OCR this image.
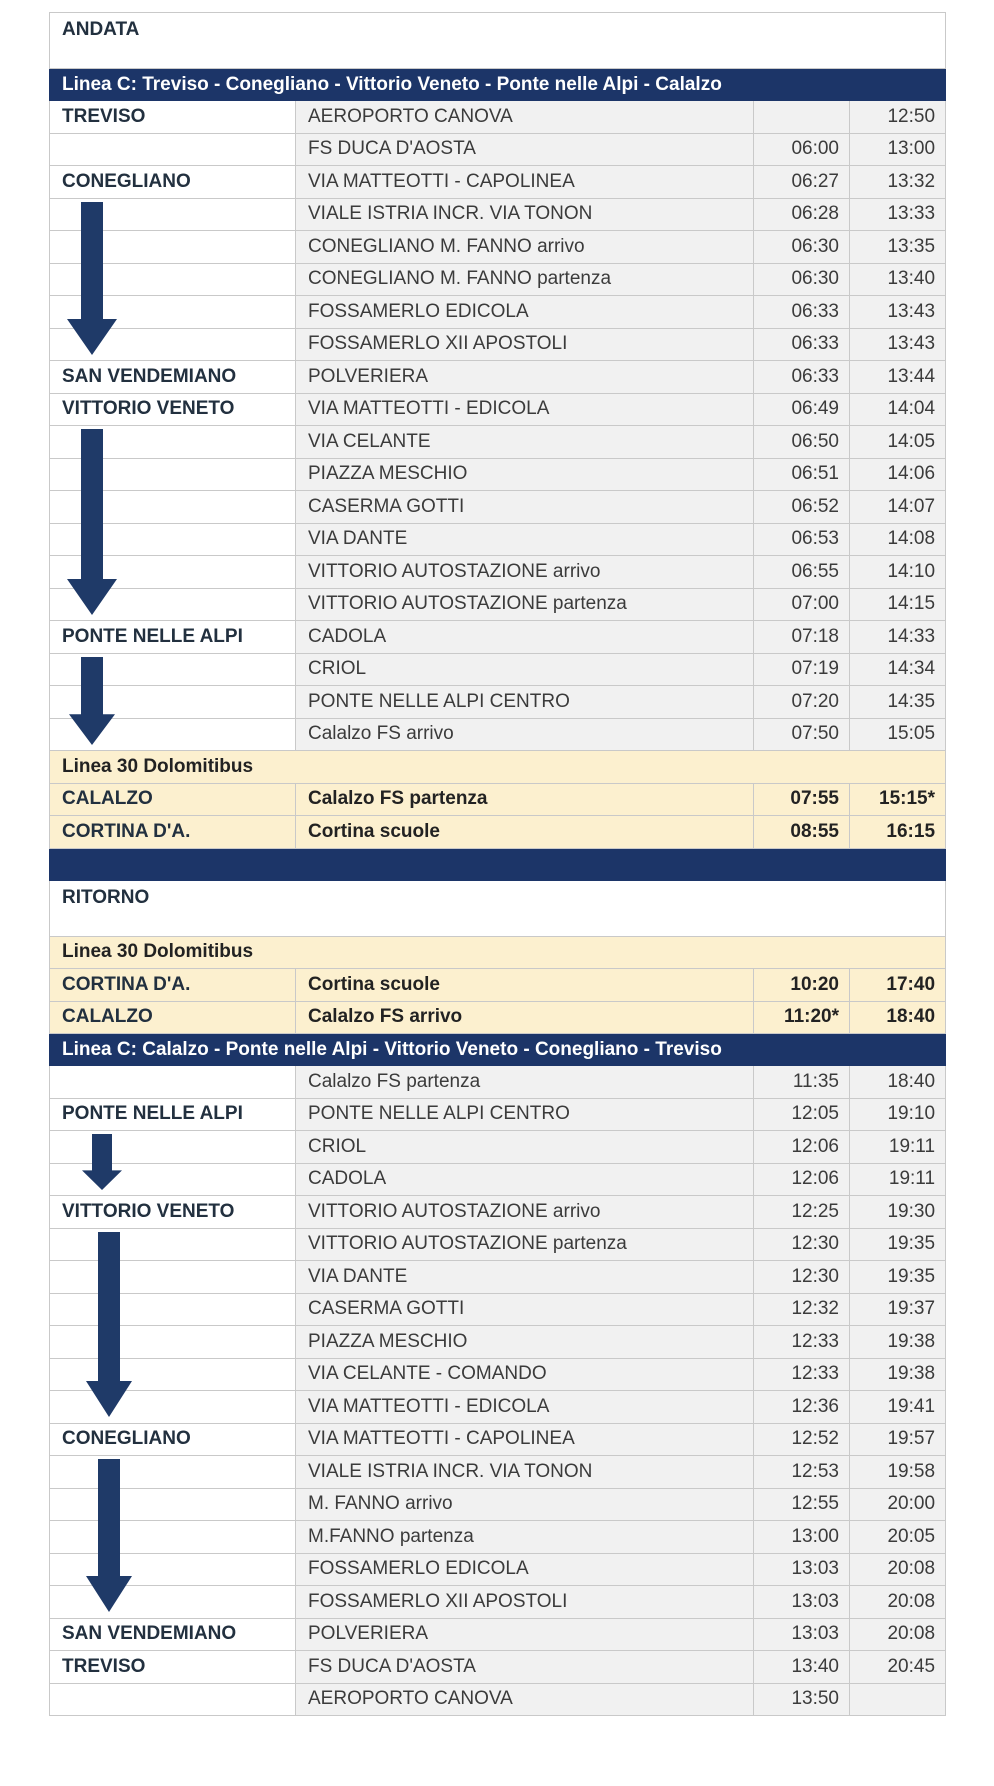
ANDATA			
Linea C: Treviso - Conegliano - Vittorio Veneto - Ponte nelle Alpi - Calalzo			
TREVISO	AEROPORTO CANOVA		12:50
	FS DUCA D'AOSTA	06:00	13:00
CONEGLIANO	VIA MATTEOTTI - CAPOLINEA	06:27	13:32
	VIALE ISTRIA INCR. VIA TONON	06:28	13:33
	CONEGLIANO M. FANNO arrivo	06:30	13:35
	CONEGLIANO M. FANNO partenza	06:30	13:40
	FOSSAMERLO EDICOLA	06:33	13:43
	FOSSAMERLO XII APOSTOLI	06:33	13:43
SAN VENDEMIANO	POLVERIERA	06:33	13:44
VITTORIO VENETO	VIA MATTEOTTI - EDICOLA	06:49	14:04
	VIA CELANTE	06:50	14:05
	PIAZZA MESCHIO	06:51	14:06
	CASERMA GOTTI	06:52	14:07
	VIA DANTE	06:53	14:08
	VITTORIO AUTOSTAZIONE arrivo	06:55	14:10
	VITTORIO AUTOSTAZIONE partenza	07:00	14:15
PONTE NELLE ALPI	CADOLA	07:18	14:33
	CRIOL	07:19	14:34
	PONTE NELLE ALPI CENTRO	07:20	14:35
	Calalzo FS arrivo	07:50	15:05
Linea 30 Dolomitibus			
CALALZO	Calalzo FS partenza	07:55	15:15*
CORTINA D'A.	Cortina scuole	08:55	16:15

RITORNO			
Linea 30 Dolomitibus			
CORTINA D'A.	Cortina scuole	10:20	17:40
CALALZO	Calalzo FS arrivo	11:20*	18:40
Linea C: Calalzo - Ponte nelle Alpi - Vittorio Veneto - Conegliano - Treviso			
	Calalzo FS partenza	11:35	18:40
PONTE NELLE ALPI	PONTE NELLE ALPI CENTRO	12:05	19:10
	CRIOL	12:06	19:11
	CADOLA	12:06	19:11
VITTORIO VENETO	VITTORIO AUTOSTAZIONE arrivo	12:25	19:30
	VITTORIO AUTOSTAZIONE partenza	12:30	19:35
	VIA DANTE	12:30	19:35
	CASERMA GOTTI	12:32	19:37
	PIAZZA MESCHIO	12:33	19:38
	VIA CELANTE - COMANDO	12:33	19:38
	VIA MATTEOTTI - EDICOLA	12:36	19:41
CONEGLIANO	VIA MATTEOTTI - CAPOLINEA	12:52	19:57
	VIALE ISTRIA INCR. VIA TONON	12:53	19:58
	M. FANNO arrivo	12:55	20:00
	M.FANNO partenza	13:00	20:05
	FOSSAMERLO EDICOLA	13:03	20:08
	FOSSAMERLO XII APOSTOLI	13:03	20:08
SAN VENDEMIANO	POLVERIERA	13:03	20:08
TREVISO	FS DUCA D'AOSTA	13:40	20:45
	AEROPORTO CANOVA	13:50	
